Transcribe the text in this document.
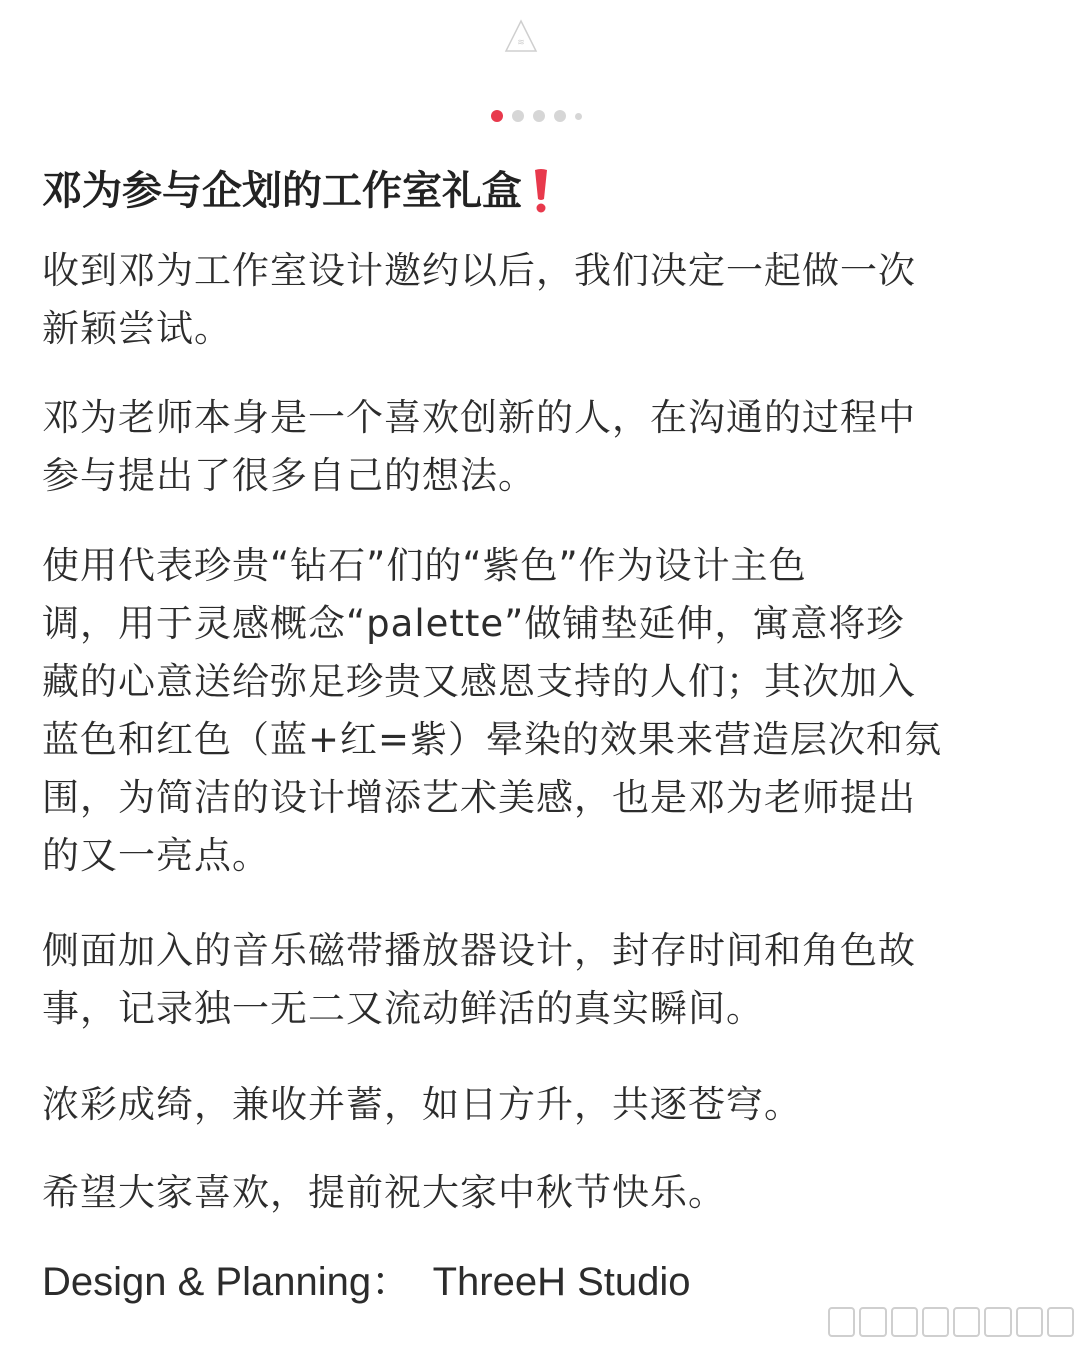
≋
邓为参与企划的工作室礼盒

收到邓为工作室设计邀约以后，我们决定一起做一次
新颖尝试。

邓为老师本身是一个喜欢创新的人，在沟通的过程中
参与提出了很多自己的想法。

使用代表珍贵“钻石”们的“紫色”作为设计主色
调，用于灵感概念“palette”做铺垫延伸，寓意将珍
藏的心意送给弥足珍贵又感恩支持的人们；其次加入
蓝色和红色（蓝+红=紫）晕染的效果来营造层次和氛
围，为简洁的设计增添艺术美感，也是邓为老师提出
的又一亮点。

侧面加入的音乐磁带播放器设计，封存时间和角色故
事，记录独一无二又流动鲜活的真实瞬间。

浓彩成绮，兼收并蓄，如日方升，共逐苍穹。

希望大家喜欢，提前祝大家中秋节快乐。

Design & Planning： ThreeH Studio
